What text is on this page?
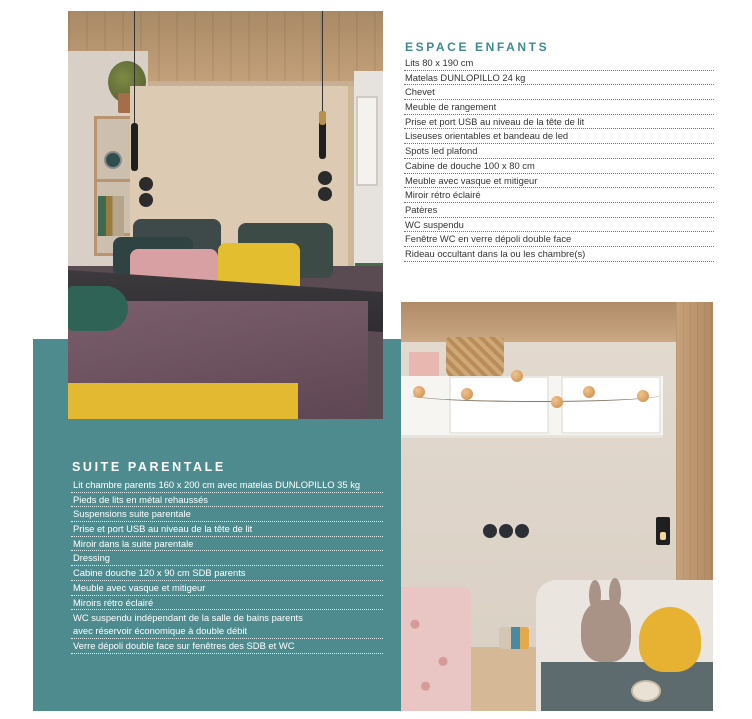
ESPACE ENFANTS
Lits 80 x 190 cm
Matelas DUNLOPILLO 24 kg
Chevet
Meuble de rangement
Prise et port USB au niveau de la tête de lit
Liseuses orientables et bandeau de led
Spots led plafond
Cabine de douche 100 x 80 cm
Meuble avec vasque et mitigeur
Miroir rétro éclairé
Patères
WC suspendu
Fenêtre WC en verre dépoli double face
Rideau occultant dans la ou les chambre(s)
SUITE PARENTALE
Lit chambre parents 160 x 200 cm avec matelas DUNLOPILLO 35 kg
Pieds de lits en métal rehaussés
Suspensions suite parentale
Prise et port USB au niveau de la tête de lit
Miroir dans la suite parentale
Dressing
Cabine douche 120 x 90 cm SDB parents
Meuble avec vasque et mitigeur
Miroirs rétro éclairé
WC suspendu indépendant de la salle de bains parents
avec réservoir économique à double débit
Verre dépoli double face sur fenêtres des SDB et WC
